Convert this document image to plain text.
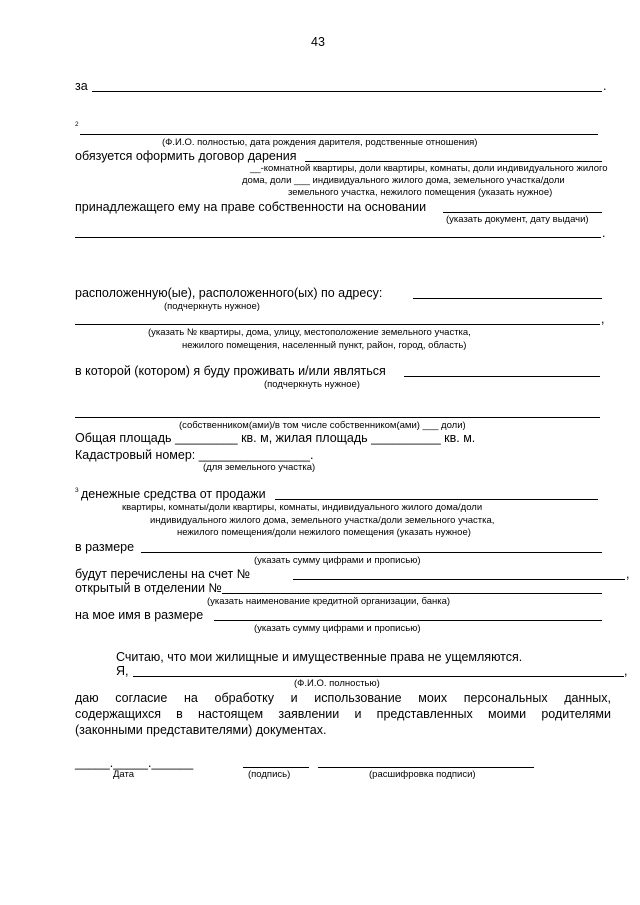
43
за	.
2
(Ф.И.О. полностью, дата рождения дарителя, родственные отношения)
обязуется оформить договор дарения
__-комнатной квартиры, доли квартиры, комнаты, доли индивидуального жилого
дома, доли ___ индивидуального жилого дома, земельного участка/доли
земельного участка, нежилого помещения (указать нужное)
принадлежащего ему на праве собственности на основании
(указать документ, дату выдачи)
.
расположенную(ые), расположенного(ых) по адресу:
(подчеркнуть нужное)
,
(указать № квартиры, дома, улицу, местоположение земельного участка,
нежилого помещения, населенный пункт, район, город, область)
в которой (котором) я буду проживать и/или являться
(подчеркнуть нужное)
(собственником(ами)/в том числе собственником(ами) ___ доли)
Общая площадь _________ кв. м, жилая площадь __________ кв. м.
Кадастровый номер: ________________.
(для земельного участка)
3 денежные средства от продажи
квартиры, комнаты/доли квартиры, комнаты, индивидуального жилого дома/доли
индивидуального жилого дома, земельного участка/доли земельного участка,
нежилого помещения/доли нежилого помещения (указать нужное)
в размере
(указать сумму цифрами и прописью)
будут перечислены на счет №	,
открытый в отделении №
(указать наименование кредитной организации, банка)
на мое имя в размере
(указать сумму цифрами и прописью)
Считаю, что мои жилищные и имущественные права не ущемляются.
Я,	,
(Ф.И.О. полностью)
даю согласие на обработку и использование моих персональных данных,
содержащихся в настоящем заявлении и представленных моими родителями
(законными представителями) документах.
_____._____.______
Дата	(подпись)	(расшифровка подписи)
